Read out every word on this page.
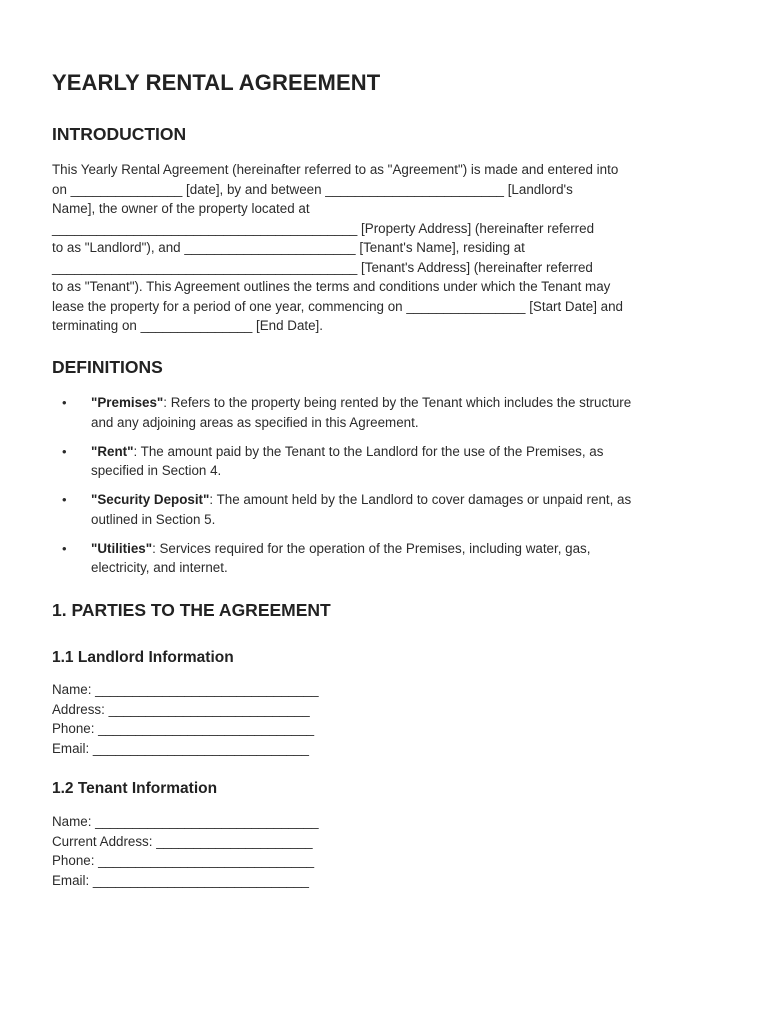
YEARLY RENTAL AGREEMENT
INTRODUCTION

This Yearly Rental Agreement (hereinafter referred to as "Agreement") is made and entered into
on _______________ [date], by and between ________________________ [Landlord's
Name], the owner of the property located at
_________________________________________ [Property Address] (hereinafter referred
to as "Landlord"), and _______________________ [Tenant's Name], residing at
_________________________________________ [Tenant's Address] (hereinafter referred
to as "Tenant"). This Agreement outlines the terms and conditions under which the Tenant may
lease the property for a period of one year, commencing on ________________ [Start Date] and
terminating on _______________ [End Date].

DEFINITIONS
• "Premises": Refers to the property being rented by the Tenant which includes the structure
and any adjoining areas as specified in this Agreement.
• "Rent": The amount paid by the Tenant to the Landlord for the use of the Premises, as
specified in Section 4.
• "Security Deposit": The amount held by the Landlord to cover damages or unpaid rent, as
outlined in Section 5.
• "Utilities": Services required for the operation of the Premises, including water, gas,
electricity, and internet.
1. PARTIES TO THE AGREEMENT
1.1 Landlord Information
Name: ______________________________
Address: ___________________________
Phone: _____________________________
Email: _____________________________
1.2 Tenant Information
Name: ______________________________
Current Address: _____________________
Phone: _____________________________
Email: _____________________________
